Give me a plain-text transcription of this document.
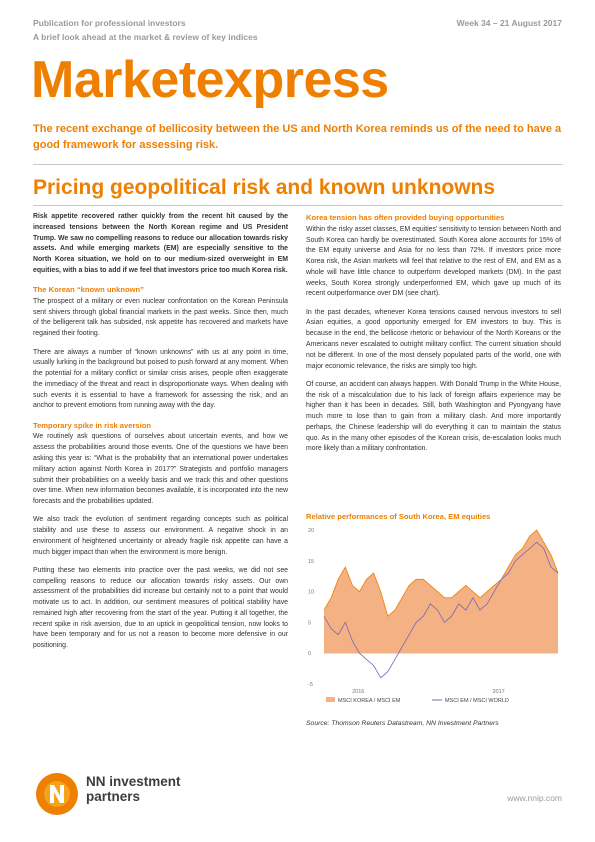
Publication for professional investors
A brief look ahead at the market & review of key indices
Week 34 – 21 August 2017
Marketexpress
The recent exchange of bellicosity between the US and North Korea reminds us of the need to have a good framework for assessing risk.
Pricing geopolitical risk and known unknowns

Risk appetite recovered rather quickly from the recent hit caused by the increased tensions between the North Korean regime and US President Trump. We saw no compelling reasons to reduce our allocation towards risky assets. And while emerging markets (EM) are especially sensitive to the North Korea situation, we hold on to our medium-sized overweight in EM equities, with a bias to add if we feel that investors price too much Korea risk.

The Korean “known unknown”

The prospect of a military or even nuclear confrontation on the Korean Peninsula sent shivers through global financial markets in the past weeks. Since then, much of the belligerent talk has subsided, risk appetite has recovered and markets have regained their footing.

There are always a number of “known unknowns” with us at any point in time, usually lurking in the background but poised to push forward at any moment. When the potential for a military conflict or similar crisis arises, people often exaggerate the immediacy of the threat and react in disproportionate ways. When dealing with such events it is essential to have a framework for assessing the risk, and an anchor to prevent emotions from running away with the day.

Temporary spike in risk aversion

We routinely ask questions of ourselves about uncertain events, and how we assess the probabilities around those events. One of the questions we have been asking this year is: “What is the probability that an international power undertakes military action against North Korea in 2017?” Strategists and portfolio managers submit their probabilities on a weekly basis and we track this and other questions over time. When new information becomes available, it is incorporated into the new forecasts and the probabilities updated.

We also track the evolution of sentiment regarding concepts such as political stability and use these to assess our environment. A negative shock in an environment of heightened uncertainty or already fragile risk appetite can have a much bigger impact than when the environment is more benign.

Putting these two elements into practice over the past weeks, we did not see compelling reasons to reduce our allocation towards risky assets. Our own assessment of the probabilities did increase but certainly not to a point that would motivate us to act. In addition, our sentiment measures of political stability have remained high after recovering from the start of the year. Putting it all together, the recent spike in risk aversion, due to an uptick in geopolitical tension, now looks to have been temporary and for us not a reason to become more defensive in our positioning.

Korea tension has often provided buying opportunities

Within the risky asset classes, EM equities’ sensitivity to tension between North and South Korea can hardly be overestimated. South Korea alone accounts for 15% of the EM equity universe and Asia for no less than 72%. If investors price more Korea risk, the Asian markets will feel that relative to the rest of EM, and EM as a whole will have little chance to outperform developed markets (DM). In the past weeks, South Korea strongly underperformed EM, which gave up much of its recent outperformance over DM (see chart).

In the past decades, whenever Korea tensions caused nervous investors to sell Asian equities, a good opportunity emerged for EM investors to buy. This is because in the end, the bellicose rhetoric or behaviour of the North Koreans or the Americans never escalated to outright military conflict. The current situation should not be different. In one of the most densely populated parts of the world, one with major economic relevance, the risks are simply too high.

Of course, an accident can always happen. With Donald Trump in the White House, the risk of a miscalculation due to his lack of foreign affairs experience may be higher than it has been in decades. Still, both Washington and Pyongyang have much more to lose than to gain from a military clash. And more importantly perhaps, the Chinese leadership will do everything it can to maintain the status quo. As in the many other episodes of the Korean crisis, de-escalation looks much more likely than a military confrontation.

Relative performances of South Korea, EM equities
-5
0
5
10
15
20
2016	2017
MSCI KOREA / MSCI EM	MSCI EM / MSCI WORLD
Source: Thomson Reuters Datastream, NN Investment Partners
NN investment
partners	www.nnip.com
